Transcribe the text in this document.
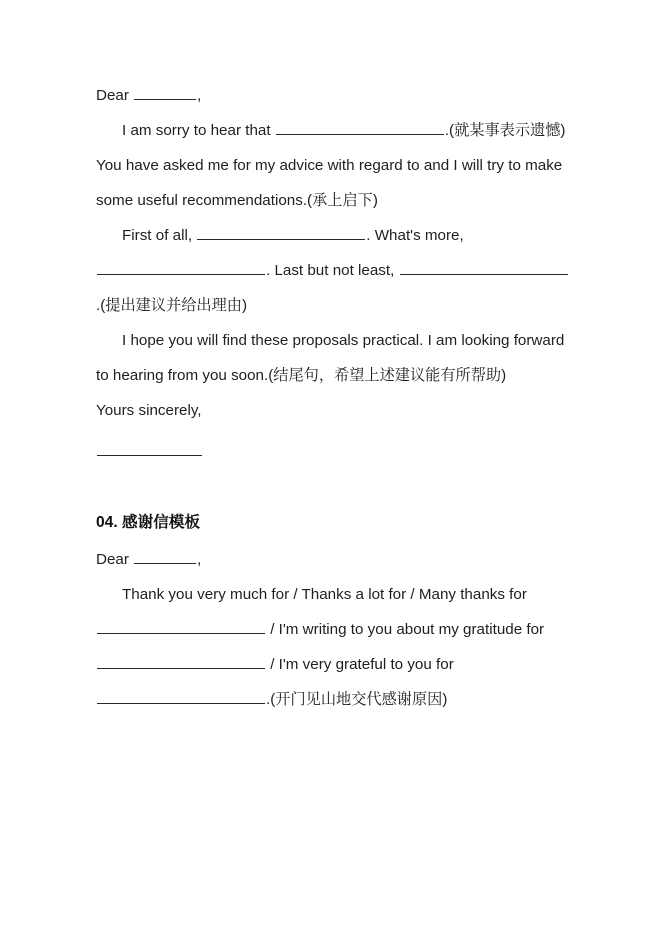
Dear	,

I am sorry to hear that	.(就某事表示遗憾) You have asked me for my advice with regard to and I will try to make some useful recommendations.(承上启下)

First of all,	. What's more, . Last but not least, .(提出建议并给出理由)

I hope you will find these proposals practical. I am looking forward to hearing from you soon.(结尾句，希望上述建议能有所帮助)

Yours sincerely,

04. 感谢信模板

Dear	,

Thank you very much for / Thanks a lot for / Many thanks for  / I'm writing to you about my gratitude for  / I'm very grateful to you for .(开门见山地交代感谢原因)
